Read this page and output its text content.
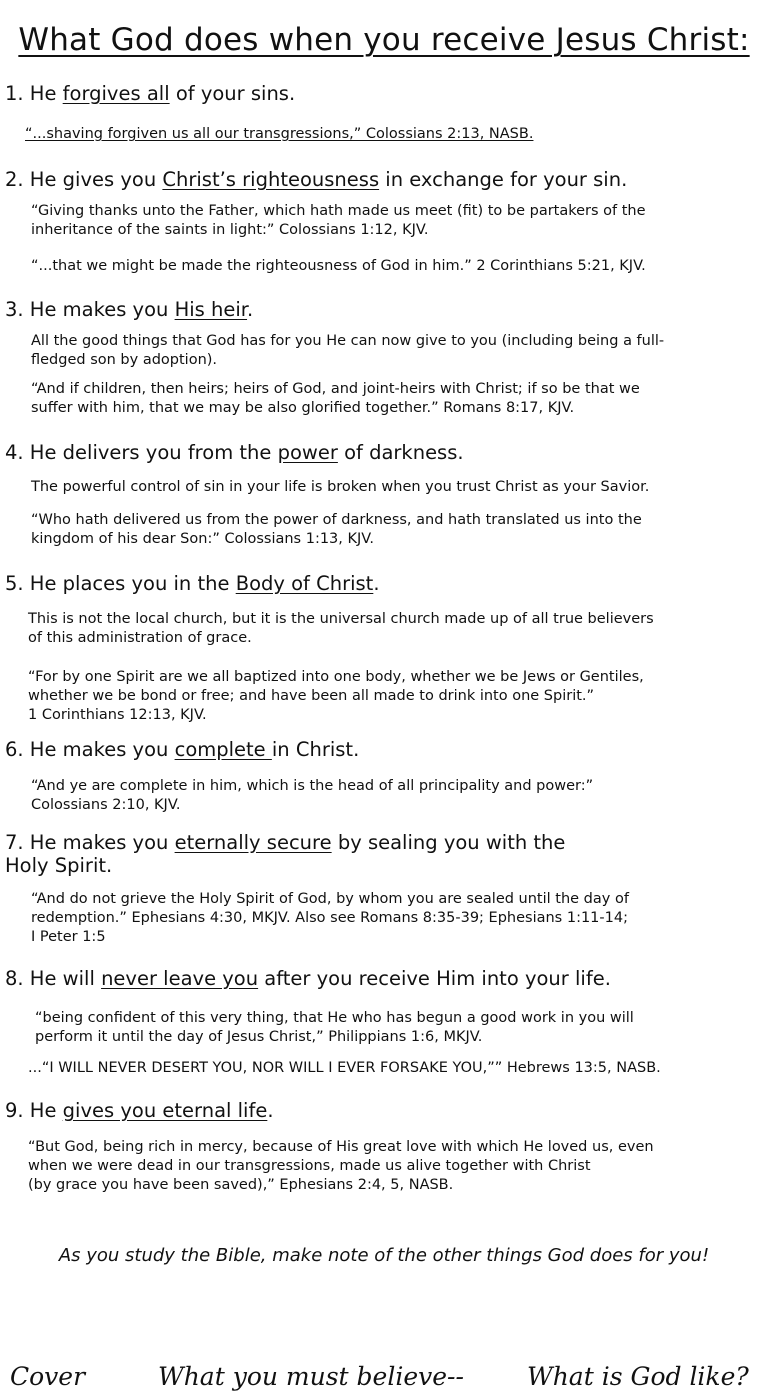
What God does when you receive Jesus Christ:
1. He forgives all of your sins.
“...shaving forgiven us all our transgressions,” Colossians 2:13, NASB.
2. He gives you Christ’s righteousness in exchange for your sin.
“Giving thanks unto the Father, which hath made us meet (fit) to be partakers of the
inheritance of the saints in light:” Colossians 1:12, KJV.
“...that we might be made the righteousness of God in him.” 2 Corinthians 5:21, KJV.
3. He makes you His heir.
All the good things that God has for you He can now give to you (including being a full-
fledged son by adoption).
“And if children, then heirs; heirs of God, and joint-heirs with Christ; if so be that we
suffer with him, that we may be also glorified together.” Romans 8:17, KJV.
4. He delivers you from the power of darkness.
The powerful control of sin in your life is broken when you trust Christ as your Savior.
“Who hath delivered us from the power of darkness, and hath translated us into the
kingdom of his dear Son:” Colossians 1:13, KJV.
5. He places you in the Body of Christ.
This is not the local church, but it is the universal church made up of all true believers
of this administration of grace.
“For by one Spirit are we all baptized into one body, whether we be Jews or Gentiles,
whether we be bond or free; and have been all made to drink into one Spirit.”
1 Corinthians 12:13, KJV.
6. He makes you complete in Christ.
“And ye are complete in him, which is the head of all principality and power:”
Colossians 2:10, KJV.
7. He makes you eternally secure by sealing you with the
Holy Spirit.
“And do not grieve the Holy Spirit of God, by whom you are sealed until the day of
redemption.” Ephesians 4:30, MKJV. Also see Romans 8:35-39; Ephesians 1:11-14;
I Peter 1:5
8. He will never leave you after you receive Him into your life.
“being confident of this very thing, that He who has begun a good work in you will
perform it until the day of Jesus Christ,” Philippians 1:6, MKJV.
...“I WILL NEVER DESERT YOU, NOR WILL I EVER FORSAKE YOU,”” Hebrews 13:5, NASB.
9. He gives you eternal life.
“But God, being rich in mercy, because of His great love with which He loved us, even
when we were dead in our transgressions, made us alive together with Christ
(by grace you have been saved),” Ephesians 2:4, 5, NASB.
As you study the Bible, make note of the other things God does for you!
Cover	What you must believe--	What is God like?
